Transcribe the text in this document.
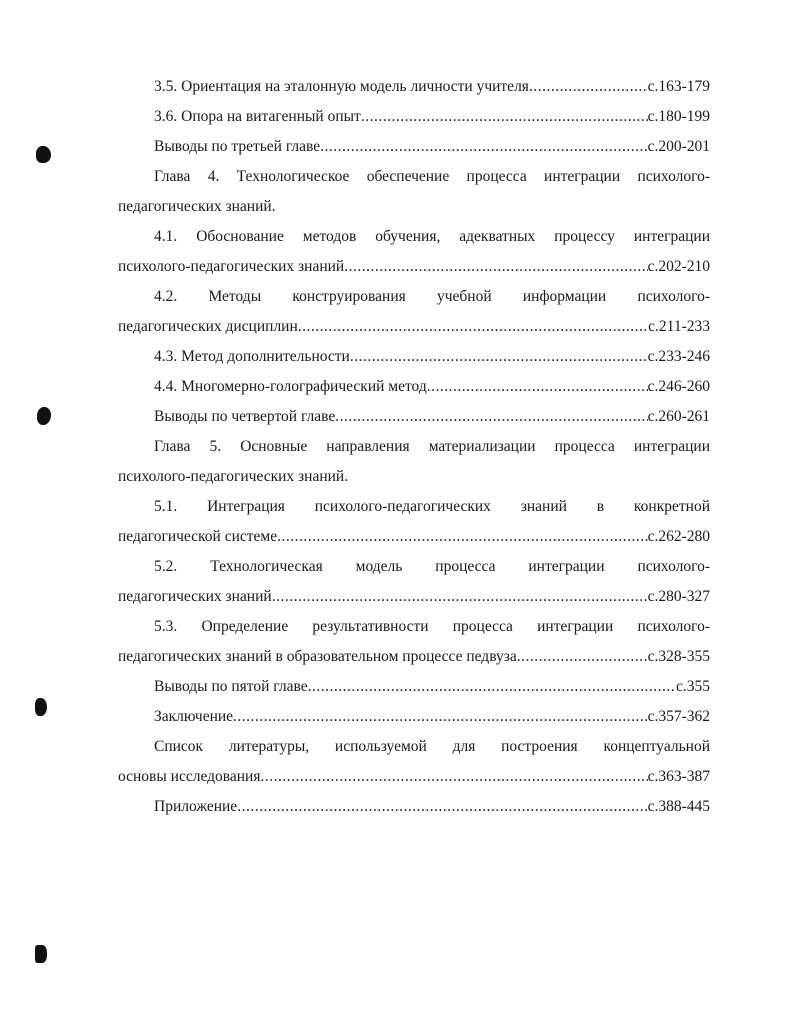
3.5. Ориентация на эталонную модель личности учителя .....	с.163-179
3.6. Опора на витагенный опыт .....	с.180-199
Выводы по третьей главе .....	с.200-201
Глава 4. Технологическое обеспечение процесса интеграции психолого-
педагогических знаний.
4.1. Обоснование методов обучения, адекватных процессу интеграции
психолого-педагогических знаний .....	с.202-210
4.2. Методы конструирования учебной информации психолого-
педагогических дисциплин .....	с.211-233
4.3. Метод дополнительности .....	с.233-246
4.4. Многомерно-голографический метод .....	с.246-260
Выводы по четвертой главе .....	с.260-261
Глава 5. Основные направления материализации процесса интеграции
психолого-педагогических знаний.
5.1. Интеграция психолого-педагогических знаний в конкретной
педагогической системе .....	с.262-280
5.2. Технологическая модель процесса интеграции психолого-
педагогических знаний .....	с.280-327
5.3. Определение результативности процесса интеграции психолого-
педагогических знаний в образовательном процессе педвуза .....	с.328-355
Выводы по пятой главе .....	с.355
Заключение .....	с.357-362
Список литературы, используемой для построения концептуальной
основы исследования .....	с.363-387
Приложение .....	с.388-445
